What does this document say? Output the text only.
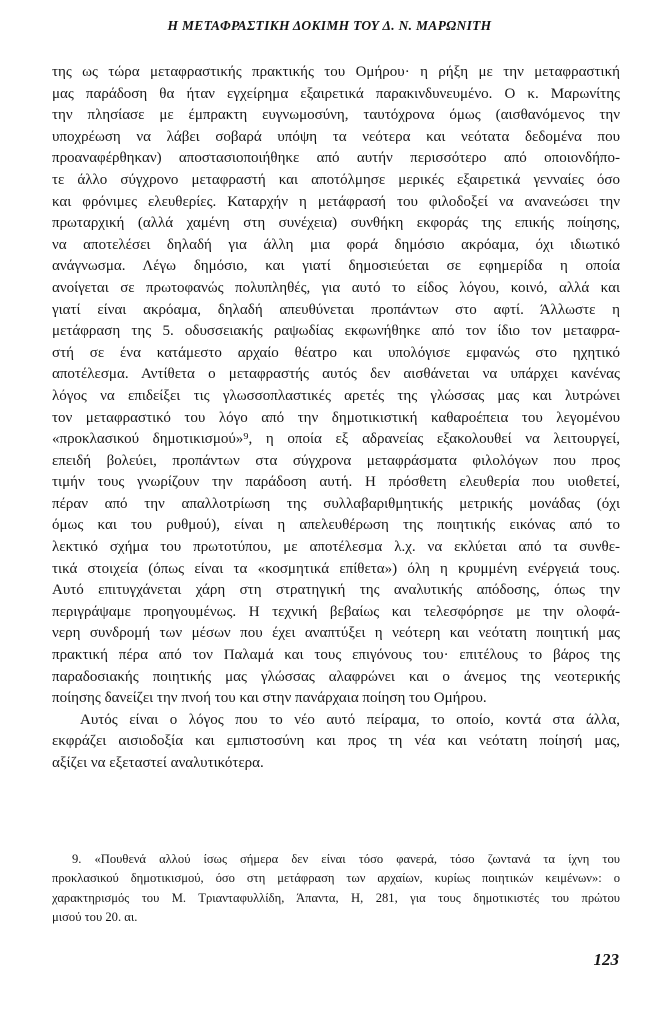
Η ΜΕΤΑΦΡΑΣΤΙΚΗ ΔΟΚΙΜΗ ΤΟΥ Δ. Ν. ΜΑΡΩΝΙΤΗ
της ως τώρα μεταφραστικής πρακτικής του Ομήρου· η ρήξη με την μεταφραστική
μας παράδοση θα ήταν εγχείρημα εξαιρετικά παρακινδυνευμένο. Ο κ. Μαρωνίτης
την πλησίασε με έμπρακτη ευγνωμοσύνη, ταυτόχρονα όμως (αισθανόμενος την
υποχρέωση να λάβει σοβαρά υπόψη τα νεότερα και νεότατα δεδομένα που
προαναφέρθηκαν) αποστασιοποιήθηκε από αυτήν περισσότερο από οποιονδήπο-
τε άλλο σύγχρονο μεταφραστή και αποτόλμησε μερικές εξαιρετικά γενναίες όσο
και φρόνιμες ελευθερίες. Καταρχήν η μετάφρασή του φιλοδοξεί να ανανεώσει την
πρωταρχική (αλλά χαμένη στη συνέχεια) συνθήκη εκφοράς της επικής ποίησης,
να αποτελέσει δηλαδή για άλλη μια φορά δημόσιο ακρόαμα, όχι ιδιωτικό
ανάγνωσμα. Λέγω δημόσιο, και γιατί δημοσιεύεται σε εφημερίδα η οποία
ανοίγεται σε πρωτοφανώς πολυπληθές, για αυτό το είδος λόγου, κοινό, αλλά και
γιατί είναι ακρόαμα, δηλαδή απευθύνεται προπάντων στο αφτί. Άλλωστε η
μετάφραση της 5. οδυσσειακής ραψωδίας εκφωνήθηκε από τον ίδιο τον μεταφρα-
στή σε ένα κατάμεστο αρχαίο θέατρο και υπολόγισε εμφανώς στο ηχητικό
αποτέλεσμα. Αντίθετα ο μεταφραστής αυτός δεν αισθάνεται να υπάρχει κανένας
λόγος να επιδείξει τις γλωσσοπλαστικές αρετές της γλώσσας μας και λυτρώνει
τον μεταφραστικό του λόγο από την δημοτικιστική καθαροέπεια του λεγομένου
«προκλασικού δημοτικισμού»⁹, η οποία εξ αδρανείας εξακολουθεί να λειτουργεί,
επειδή βολεύει, προπάντων στα σύγχρονα μεταφράσματα φιλολόγων που προς
τιμήν τους γνωρίζουν την παράδοση αυτή. Η πρόσθετη ελευθερία που υιοθετεί,
πέραν από την απαλλοτρίωση της συλλαβαριθμητικής μετρικής μονάδας (όχι
όμως και του ρυθμού), είναι η απελευθέρωση της ποιητικής εικόνας από το
λεκτικό σχήμα του πρωτοτύπου, με αποτέλεσμα λ.χ. να εκλύεται από τα συνθε-
τικά στοιχεία (όπως είναι τα «κοσμητικά επίθετα») όλη η κρυμμένη ενέργειά τους.
Αυτό επιτυγχάνεται χάρη στη στρατηγική της αναλυτικής απόδοσης, όπως την
περιγράψαμε προηγουμένως. Η τεχνική βεβαίως και τελεσφόρησε με την ολοφά-
νερη συνδρομή των μέσων που έχει αναπτύξει η νεότερη και νεότατη ποιητική μας
πρακτική πέρα από τον Παλαμά και τους επιγόνους του· επιτέλους το βάρος της
παραδοσιακής ποιητικής μας γλώσσας αλαφρώνει και ο άνεμος της νεοτερικής
ποίησης δανείζει την πνοή του και στην πανάρχαια ποίηση του Ομήρου.
Αυτός είναι ο λόγος που το νέο αυτό πείραμα, το οποίο, κοντά στα άλλα,
εκφράζει αισιοδοξία και εμπιστοσύνη και προς τη νέα και νεότατη ποίησή μας,
αξίζει να εξεταστεί αναλυτικότερα.
9. «Πουθενά αλλού ίσως σήμερα δεν είναι τόσο φανερά, τόσο ζωντανά τα ίχνη του
προκλασικού δημοτικισμού, όσο στη μετάφραση των αρχαίων, κυρίως ποιητικών κειμένων»: ο
χαρακτηρισμός του Μ. Τριανταφυλλίδη, Άπαντα, Η, 281, για τους δημοτικιστές του πρώτου
μισού του 20. αι.
123
